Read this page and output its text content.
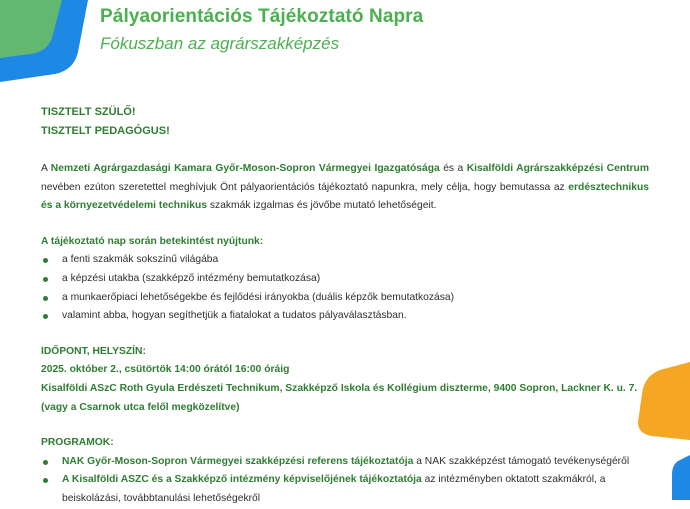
Pályaorientációs Tájékoztató Napra
Fókuszban az agrárszakképzés
TISZTELT SZÜLŐ!
TISZTELT PEDAGÓGUS!
A Nemzeti Agrárgazdasági Kamara Győr-Moson-Sopron Vármegyei Igazgatósága és a Kisalföldi Agrárszakképzési Centrum nevében ezúton szeretettel meghívjuk Önt pályaorientációs tájékoztató napunkra, mely célja, hogy bemutassa az erdésztechnikus és a környezetvédelemi technikus szakmák izgalmas és jövőbe mutató lehetőségeit.
A tájékoztató nap során betekintést nyújtunk:
a fenti szakmák sokszínű világába
a képzési utakba (szakképző intézmény bemutatkozása)
a munkaerőpiaci lehetőségekbe és fejlődési irányokba (duális képzők bemutatkozása)
valamint abba, hogyan segíthetjük a fiatalokat a tudatos pályaválasztásban.
IDŐPONT, HELYSZÍN:
2025. október 2., csütörtök 14:00 órától 16:00 óráig
Kisalföldi ASzC Roth Gyula Erdészeti Technikum, Szakképző Iskola és Kollégium diszterme, 9400 Sopron, Lackner K. u. 7. (vagy a Csarnok utca felől megközelítve)
PROGRAMOK:
NAK Győr-Moson-Sopron Vármegyei szakképzési referens tájékoztatója a NAK szakképzést támogató tevékenységéről
A Kisalföldi ASZC és a Szakképző intézmény képviselőjének tájékoztatója az intézményben oktatott szakmákról, a beiskolázási, továbbtanulási lehetőségekről
